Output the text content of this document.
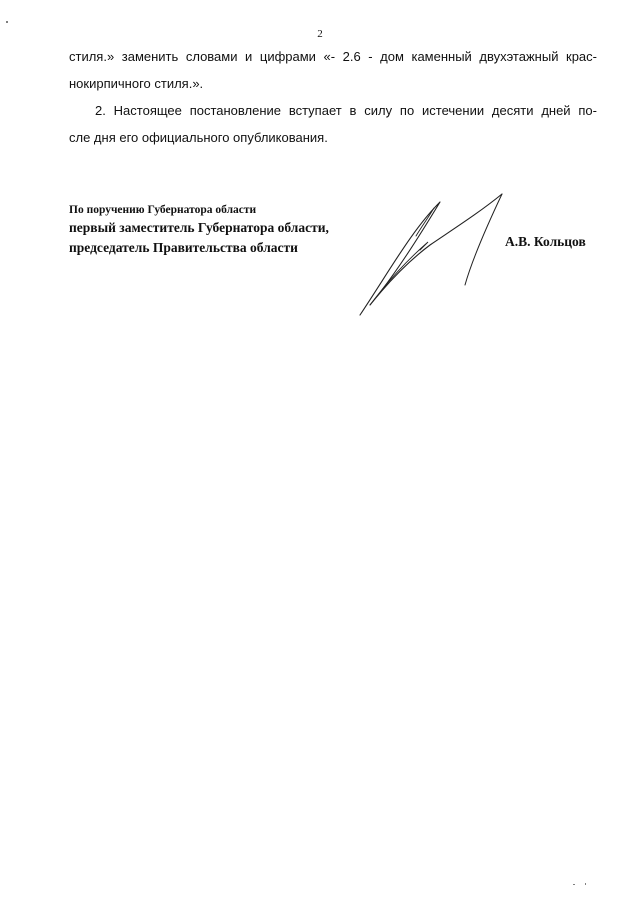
2
стиля.» заменить словами и цифрами «- 2.6 - дом каменный двухэтажный крас-
нокирпичного стиля.».
2. Настоящее постановление вступает в силу по истечении десяти дней по-
сле дня его официального опубликования.
По поручению Губернатора области
первый заместитель Губернатора области,
председатель Правительства области	А.В. Кольцов
